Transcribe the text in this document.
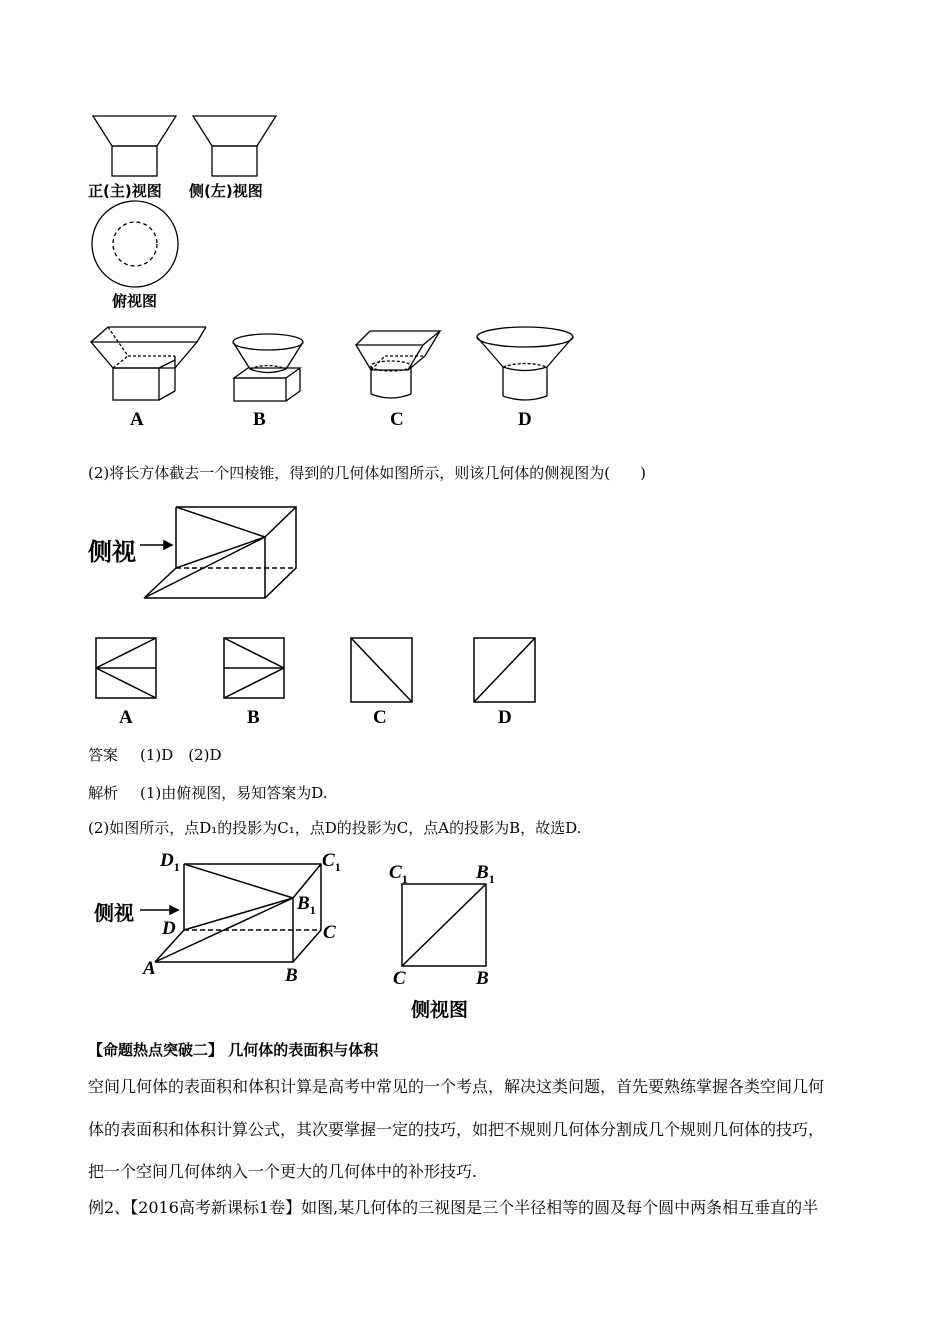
正(主)视图 侧(左)视图
俯视图
A	B	C	D
(2)将长方体截去一个四棱锥，得到的几何体如图所示，则该几何体的侧视图为(　　)
侧视
A	B	C	D
答案 (1)D　(2)D
解析 (1)由俯视图，易知答案为D.
(2)如图所示，点D₁的投影为C₁，点D的投影为C，点A的投影为B，故选D.
侧视
$D_1$	$C_1$
$B_1$
D	C
A	B
$C_1$	$B_1$
C	B
侧视图
【命题热点突破二】 几何体的表面积与体积
空间几何体的表面积和体积计算是高考中常见的一个考点，解决这类问题，首先要熟练掌握各类空间几何
体的表面积和体积计算公式，其次要掌握一定的技巧，如把不规则几何体分割成几个规则几何体的技巧，
把一个空间几何体纳入一个更大的几何体中的补形技巧.
例2、【2016高考新课标1卷】如图,某几何体的三视图是三个半径相等的圆及每个圆中两条相互垂直的半
